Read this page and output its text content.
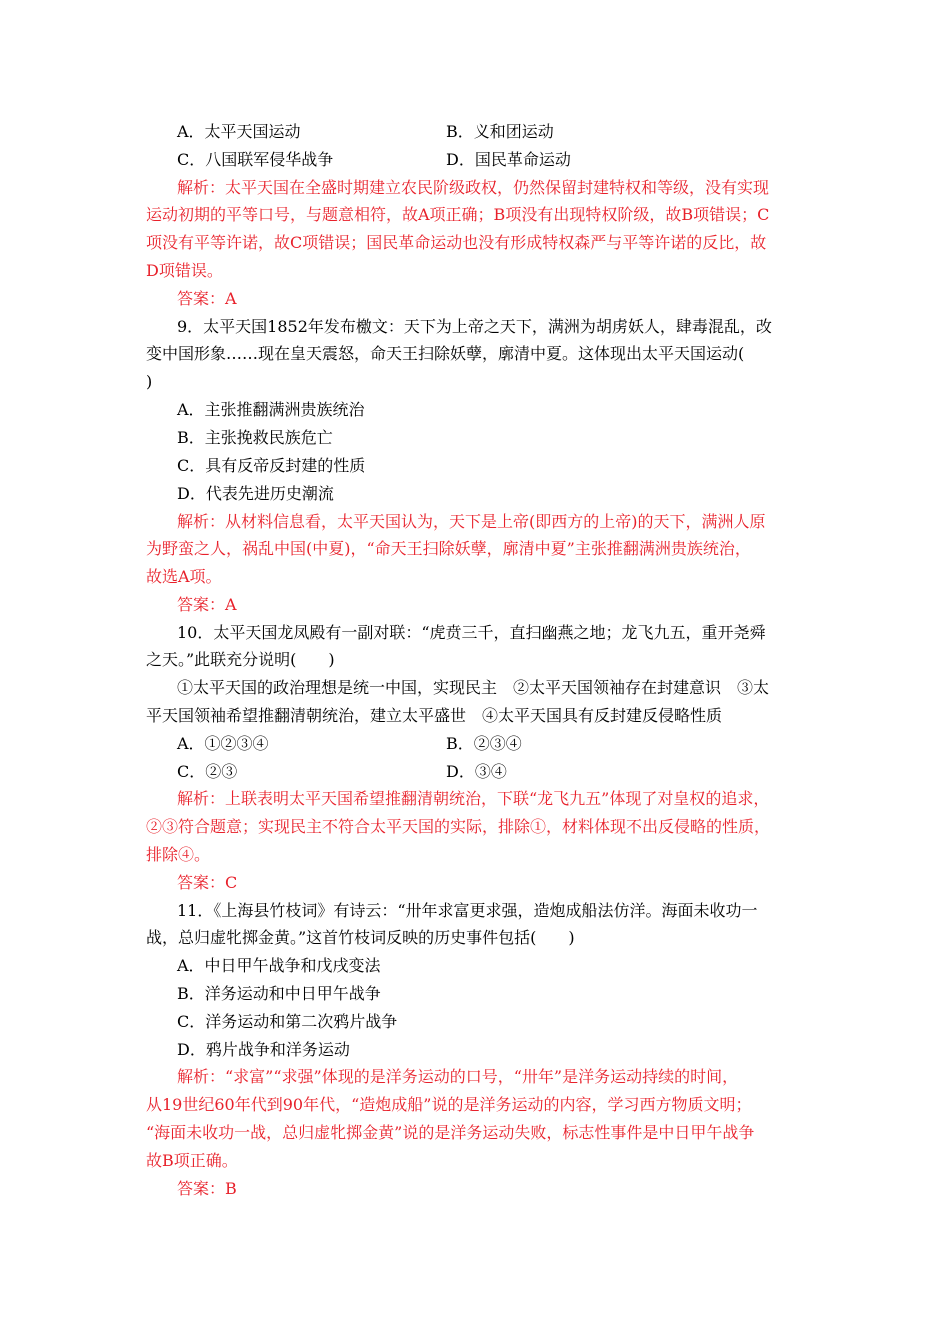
A．太平天国运动	B．义和团运动
C．八国联军侵华战争	D．国民革命运动
解析：太平天国在全盛时期建立农民阶级政权，仍然保留封建特权和等级，没有实现
运动初期的平等口号，与题意相符，故A项正确；B项没有出现特权阶级，故B项错误；C
项没有平等许诺，故C项错误；国民革命运动也没有形成特权森严与平等许诺的反比，故
D项错误。
答案：A
9．太平天国1852年发布檄文：天下为上帝之天下，满洲为胡虏妖人，肆毒混乱，改
变中国形象……现在皇天震怒，命天王扫除妖孽，廓清中夏。这体现出太平天国运动(
)
A．主张推翻满洲贵族统治
B．主张挽救民族危亡
C．具有反帝反封建的性质
D．代表先进历史潮流
解析：从材料信息看，太平天国认为，天下是上帝(即西方的上帝)的天下，满洲人原
为野蛮之人，祸乱中国(中夏)，“命天王扫除妖孽，廓清中夏”主张推翻满洲贵族统治，
故选A项。
答案：A
10．太平天国龙凤殿有一副对联：“虎贲三千，直扫幽燕之地；龙飞九五，重开尧舜
之天。”此联充分说明(　　)
①太平天国的政治理想是统一中国，实现民主　②太平天国领袖存在封建意识　③太
平天国领袖希望推翻清朝统治，建立太平盛世　④太平天国具有反封建反侵略性质
A．①②③④	B．②③④
C．②③	D．③④
解析：上联表明太平天国希望推翻清朝统治，下联“龙飞九五”体现了对皇权的追求，
②③符合题意；实现民主不符合太平天国的实际，排除①，材料体现不出反侵略的性质，
排除④。
答案：C
11．《上海县竹枝词》有诗云：“卅年求富更求强，造炮成船法仿洋。海面未收功一
战，总归虚牝掷金黄。”这首竹枝词反映的历史事件包括(　　)
A．中日甲午战争和戊戌变法
B．洋务运动和中日甲午战争
C．洋务运动和第二次鸦片战争
D．鸦片战争和洋务运动
解析：“求富”“求强”体现的是洋务运动的口号，“卅年”是洋务运动持续的时间，
从19世纪60年代到90年代，“造炮成船”说的是洋务运动的内容，学习西方物质文明；
“海面未收功一战，总归虚牝掷金黄”说的是洋务运动失败，标志性事件是中日甲午战争
故B项正确。
答案：B
